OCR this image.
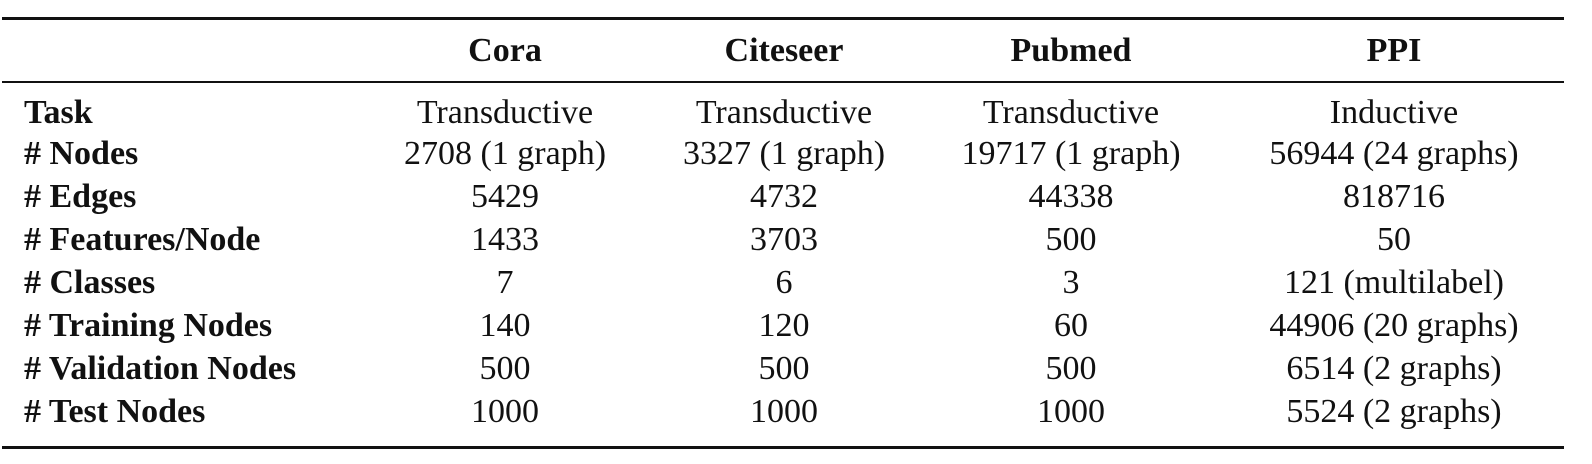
	Cora	Citeseer	Pubmed	PPI
Task	Transductive	Transductive	Transductive	Inductive
# Nodes	2708 (1 graph)	3327 (1 graph)	19717 (1 graph)	56944 (24 graphs)
# Edges	5429	4732	44338	818716
# Features/Node	1433	3703	500	50
# Classes	7	6	3	121 (multilabel)
# Training Nodes	140	120	60	44906 (20 graphs)
# Validation Nodes	500	500	500	6514 (2 graphs)
# Test Nodes	1000	1000	1000	5524 (2 graphs)
